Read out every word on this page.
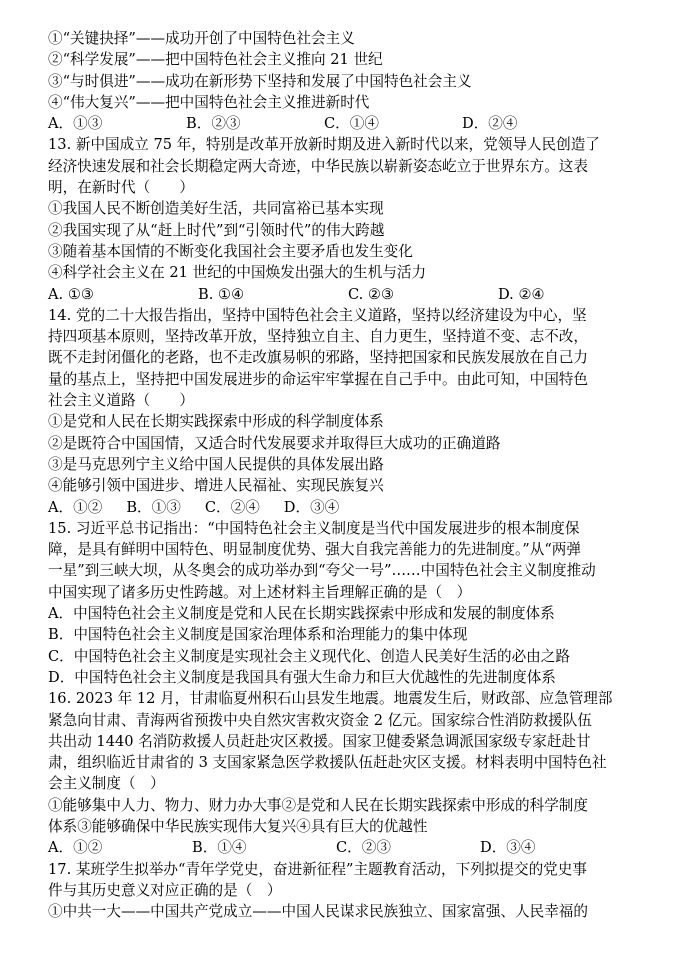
①“关键抉择”——成功开创了中国特色社会主义
②“科学发展”——把中国特色社会主义推向 21 世纪
③“与时俱进”——成功在新形势下坚持和发展了中国特色社会主义
④“伟大复兴”——把中国特色社会主义推进新时代
A．①③	B．②③	C．①④	D．②④
13. 新中国成立 75 年，特别是改革开放新时期及进入新时代以来，党领导人民创造了
经济快速发展和社会长期稳定两大奇迹，中华民族以崭新姿态屹立于世界东方。这表
明，在新时代（　　）
①我国人民不断创造美好生活，共同富裕已基本实现
②我国实现了从“赶上时代”到“引领时代”的伟大跨越
③随着基本国情的不断变化我国社会主要矛盾也发生变化
④科学社会主义在 21 世纪的中国焕发出强大的生机与活力
A. ①③	B. ①④	C. ②③	D. ②④
14. 党的二十大报告指出，坚持中国特色社会主义道路，坚持以经济建设为中心，坚
持四项基本原则，坚持改革开放，坚持独立自主、自力更生，坚持道不变、志不改，
既不走封闭僵化的老路，也不走改旗易帜的邪路，坚持把国家和民族发展放在自己力
量的基点上，坚持把中国发展进步的命运牢牢掌握在自己手中。由此可知，中国特色
社会主义道路（　　）
①是党和人民在长期实践探索中形成的科学制度体系
②是既符合中国国情，又适合时代发展要求并取得巨大成功的正确道路
③是马克思列宁主义给中国人民提供的具体发展出路
④能够引领中国进步、增进人民福祉、实现民族复兴
A．①② B．①③ C．②④ D．③④
15. 习近平总书记指出：“中国特色社会主义制度是当代中国发展进步的根本制度保
障，是具有鲜明中国特色、明显制度优势、强大自我完善能力的先进制度。”从“两弹
一星”到三峡大坝，从冬奥会的成功举办到“夸父一号”……中国特色社会主义制度推动
中国实现了诸多历史性跨越。对上述材料主旨理解正确的是（　）
A．中国特色社会主义制度是党和人民在长期实践探索中形成和发展的制度体系
B．中国特色社会主义制度是国家治理体系和治理能力的集中体现
C．中国特色社会主义制度是实现社会主义现代化、创造人民美好生活的必由之路
D．中国特色社会主义制度是我国具有强大生命力和巨大优越性的先进制度体系
16. 2023 年 12 月，甘肃临夏州积石山县发生地震。地震发生后，财政部、应急管理部
紧急向甘肃、青海两省预拨中央自然灾害救灾资金 2 亿元。国家综合性消防救援队伍
共出动 1440 名消防救援人员赶赴灾区救援。国家卫健委紧急调派国家级专家赶赴甘
肃，组织临近甘肃省的 3 支国家紧急医学救援队伍赶赴灾区支援。材料表明中国特色社
会主义制度（　）
①能够集中人力、物力、财力办大事②是党和人民在长期实践探索中形成的科学制度
体系③能够确保中华民族实现伟大复兴④具有巨大的优越性
A．①②	B．①④	C．②③	D．③④
17. 某班学生拟举办“青年学党史，奋进新征程”主题教育活动，下列拟提交的党史事
件与其历史意义对应正确的是（　）
①中共一大——中国共产党成立——中国人民谋求民族独立、国家富强、人民幸福的
